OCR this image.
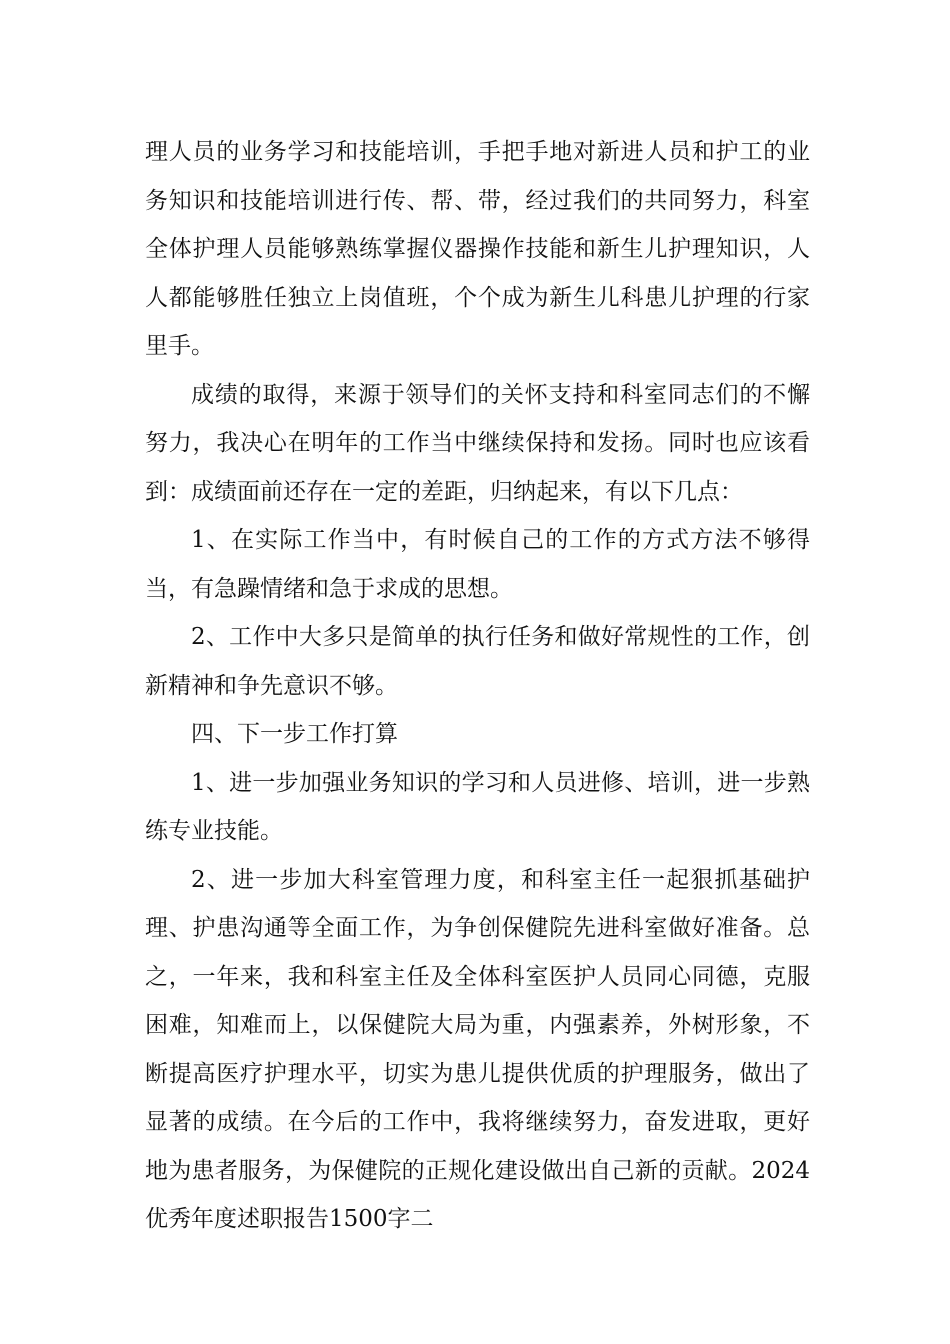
理人员的业务学习和技能培训，手把手地对新进人员和护工的业务知识和技能培训进行传、帮、带，经过我们的共同努力，科室全体护理人员能够熟练掌握仪器操作技能和新生儿护理知识，人人都能够胜任独立上岗值班，个个成为新生儿科患儿护理的行家里手。

成绩的取得，来源于领导们的关怀支持和科室同志们的不懈努力，我决心在明年的工作当中继续保持和发扬。同时也应该看到：成绩面前还存在一定的差距，归纳起来，有以下几点：

1、在实际工作当中，有时候自己的工作的方式方法不够得当，有急躁情绪和急于求成的思想。

2、工作中大多只是简单的执行任务和做好常规性的工作，创新精神和争先意识不够。

四、下一步工作打算

1、进一步加强业务知识的学习和人员进修、培训，进一步熟练专业技能。

2、进一步加大科室管理力度，和科室主任一起狠抓基础护理、护患沟通等全面工作，为争创保健院先进科室做好准备。总之，一年来，我和科室主任及全体科室医护人员同心同德，克服困难，知难而上，以保健院大局为重，内强素养，外树形象，不断提高医疗护理水平，切实为患儿提供优质的护理服务，做出了显著的成绩。在今后的工作中，我将继续努力，奋发进取，更好地为患者服务，为保健院的正规化建设做出自己新的贡献。2024优秀年度述职报告1500字二
